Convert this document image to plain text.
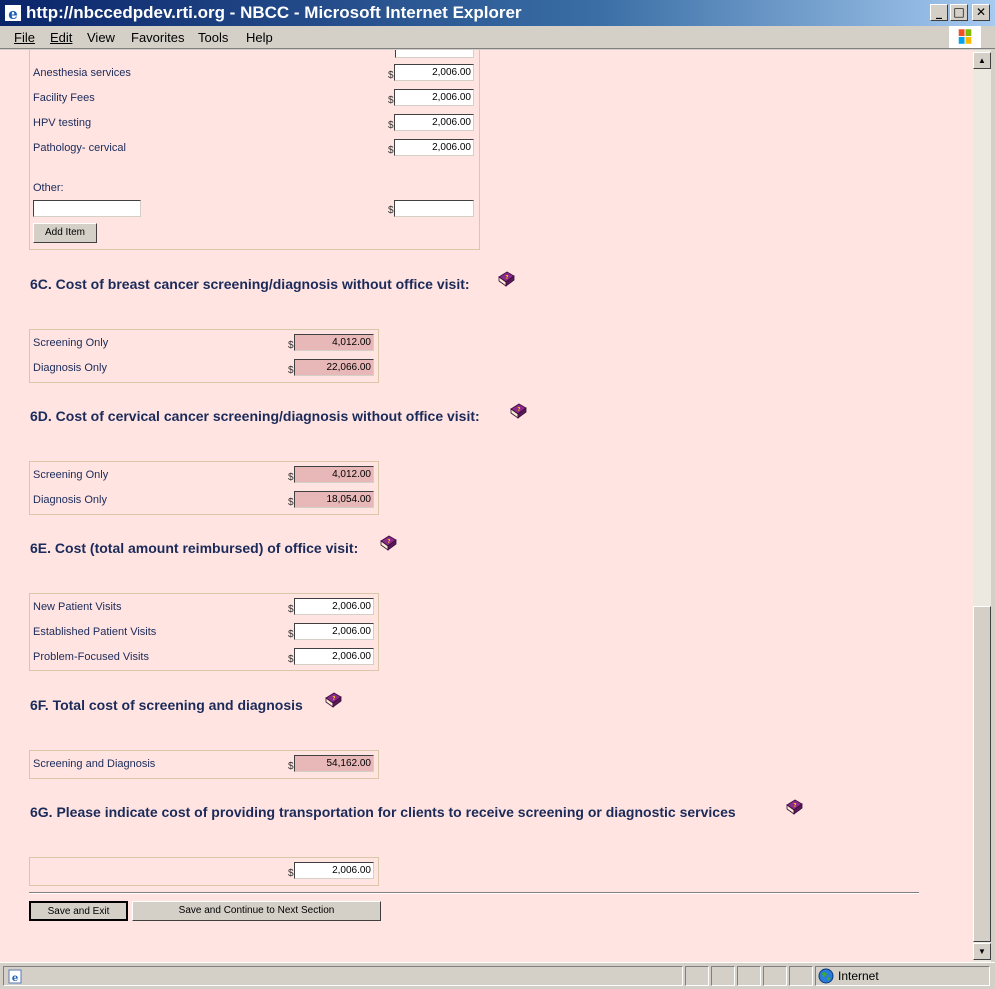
e http://nbccedpdev.rti.org - NBCC - Microsoft Internet Explorer	_ □ ✕
File Edit View Favorites Tools Help
Anesthesia services	$	2,006.00
Facility Fees	$	2,006.00
HPV testing	$	2,006.00
Pathology- cervical	$	2,006.00
Other:
$
Add Item
6C. Cost of breast cancer screening/diagnosis without office visit:	?
Screening Only	$	4,012.00
Diagnosis Only	$	22,066.00
6D. Cost of cervical cancer screening/diagnosis without office visit:	?
Screening Only	$	4,012.00
Diagnosis Only	$	18,054.00
6E. Cost (total amount reimbursed) of office visit:	?
New Patient Visits	$	2,006.00
Established Patient Visits	$	2,006.00
Problem-Focused Visits	$	2,006.00
6F. Total cost of screening and diagnosis	?
Screening and Diagnosis	$	54,162.00
6G. Please indicate cost of providing transportation for clients to receive screening or diagnostic services	?
$	2,006.00
Save and Exit	Save and Continue to Next Section
▲
▼
e	Internet
